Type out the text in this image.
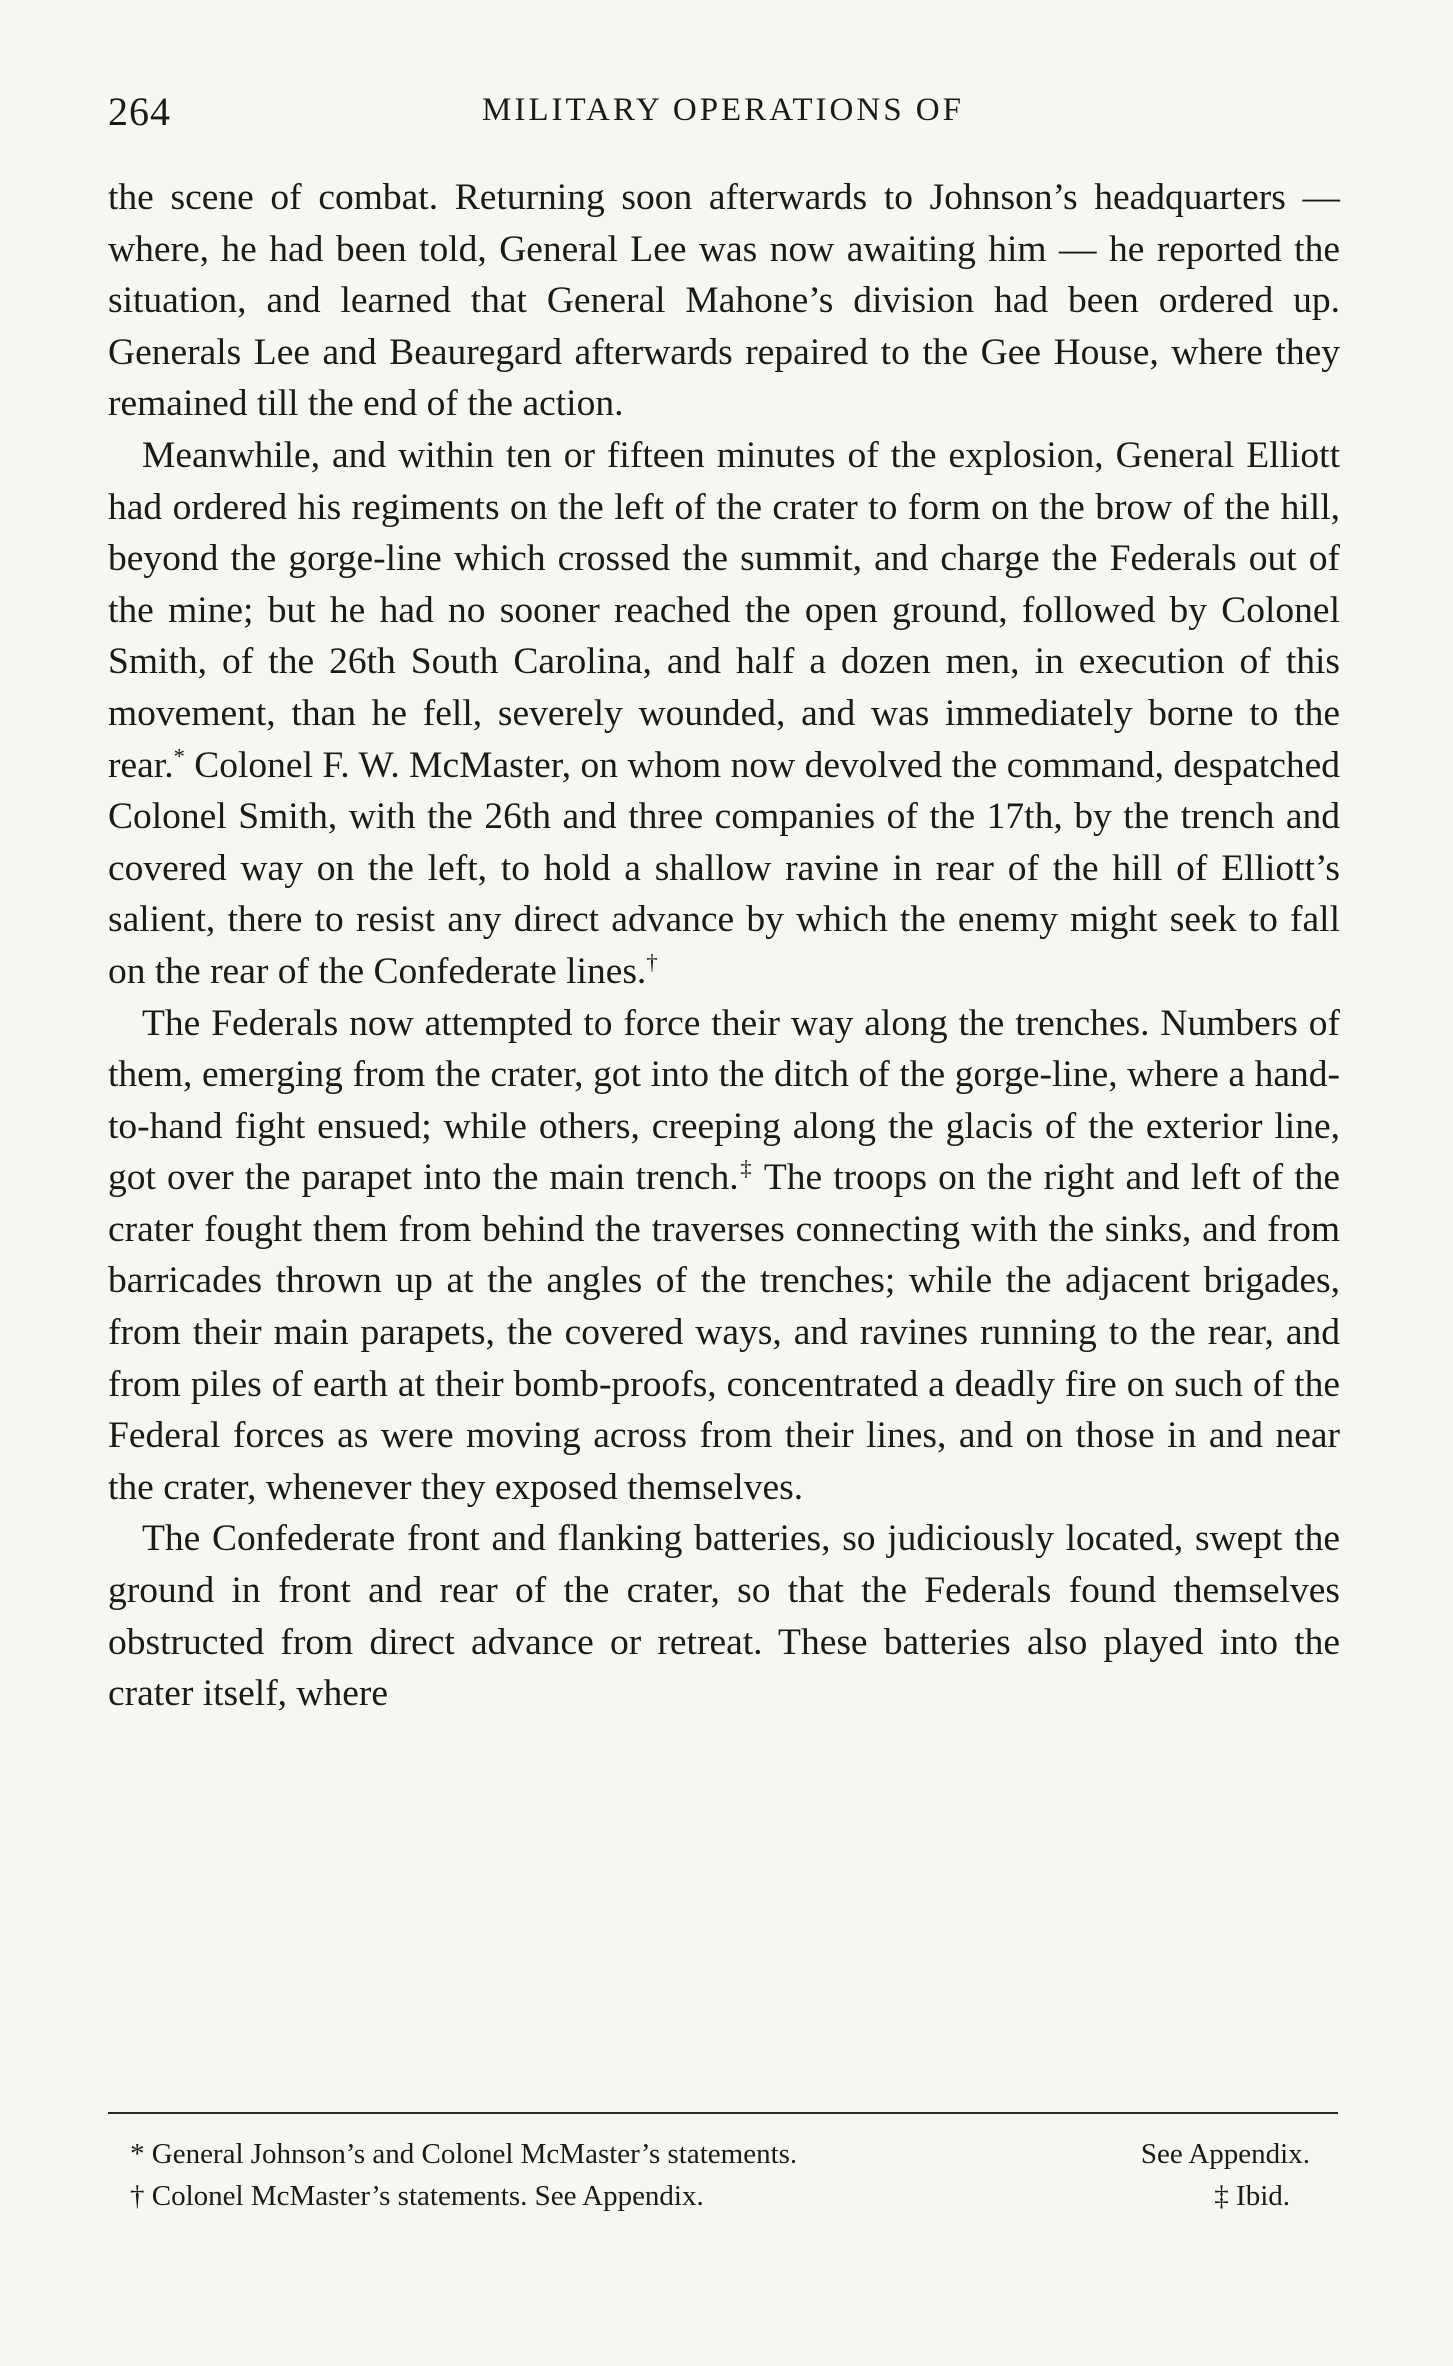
264	MILITARY OPERATIONS OF

the scene of combat. Returning soon afterwards to Johnson’s headquarters — where, he had been told, General Lee was now awaiting him — he reported the situation, and learned that General Mahone’s division had been ordered up. Generals Lee and Beauregard afterwards repaired to the Gee House, where they remained till the end of the action.

Meanwhile, and within ten or fifteen minutes of the explosion, General Elliott had ordered his regiments on the left of the crater to form on the brow of the hill, beyond the gorge-line which crossed the summit, and charge the Federals out of the mine; but he had no sooner reached the open ground, followed by Colonel Smith, of the 26th South Carolina, and half a dozen men, in execution of this movement, than he fell, severely wounded, and was immediately borne to the rear.* Colonel F. W. McMaster, on whom now devolved the command, despatched Colonel Smith, with the 26th and three companies of the 17th, by the trench and covered way on the left, to hold a shallow ravine in rear of the hill of Elliott’s salient, there to resist any direct advance by which the enemy might seek to fall on the rear of the Confederate lines.†

The Federals now attempted to force their way along the trenches. Numbers of them, emerging from the crater, got into the ditch of the gorge-line, where a hand-to-hand fight ensued; while others, creeping along the glacis of the exterior line, got over the parapet into the main trench.‡ The troops on the right and left of the crater fought them from behind the traverses connecting with the sinks, and from barricades thrown up at the angles of the trenches; while the adjacent brigades, from their main parapets, the covered ways, and ravines running to the rear, and from piles of earth at their bomb-proofs, concentrated a deadly fire on such of the Federal forces as were moving across from their lines, and on those in and near the crater, whenever they exposed themselves.

The Confederate front and flanking batteries, so judiciously located, swept the ground in front and rear of the crater, so that the Federals found themselves obstructed from direct advance or retreat. These batteries also played into the crater itself, where

* General Johnson’s and Colonel McMaster’s statements.	See Appendix.
† Colonel McMaster’s statements. See Appendix.	‡ Ibid.
